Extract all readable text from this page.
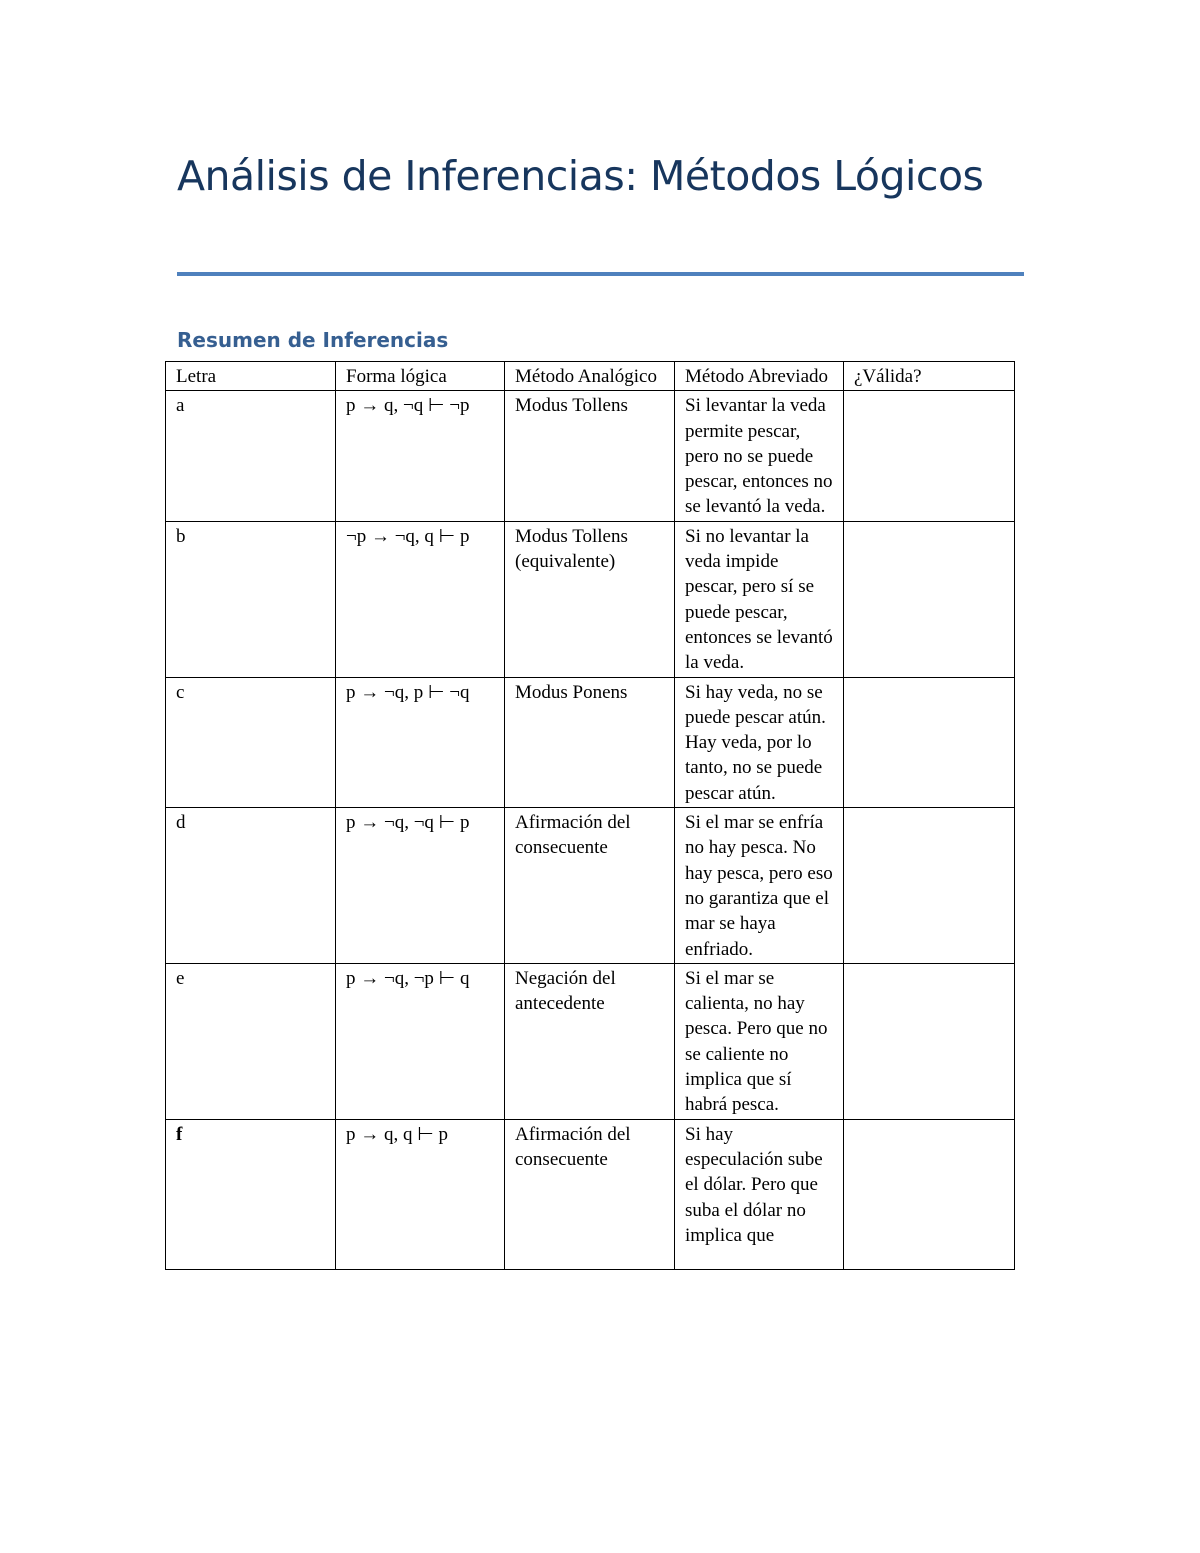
Análisis de Inferencias: Métodos Lógicos
Resumen de Inferencias
Letra	Forma lógica	Método Analógico	Método Abreviado	¿Válida?
a	p → q, ¬q ⊢ ¬p	Modus Tollens	Si levantar la veda permite pescar, pero no se puede pescar, entonces no se levantó la veda.	
b	¬p → ¬q, q ⊢ p	Modus Tollens (equivalente)	Si no levantar la veda impide pescar, pero sí se puede pescar, entonces se levantó la veda.	
c	p → ¬q, p ⊢ ¬q	Modus Ponens	Si hay veda, no se puede pescar atún. Hay veda, por lo tanto, no se puede pescar atún.	
d	p → ¬q, ¬q ⊢ p	Afirmación del consecuente	Si el mar se enfría no hay pesca. No hay pesca, pero eso no garantiza que el mar se haya enfriado.	
e	p → ¬q, ¬p ⊢ q	Negación del antecedente	Si el mar se calienta, no hay pesca. Pero que no se caliente no implica que sí habrá pesca.	
f	p → q, q ⊢ p	Afirmación del consecuente	Si hay especulación sube el dólar. Pero que suba el dólar no implica que	
